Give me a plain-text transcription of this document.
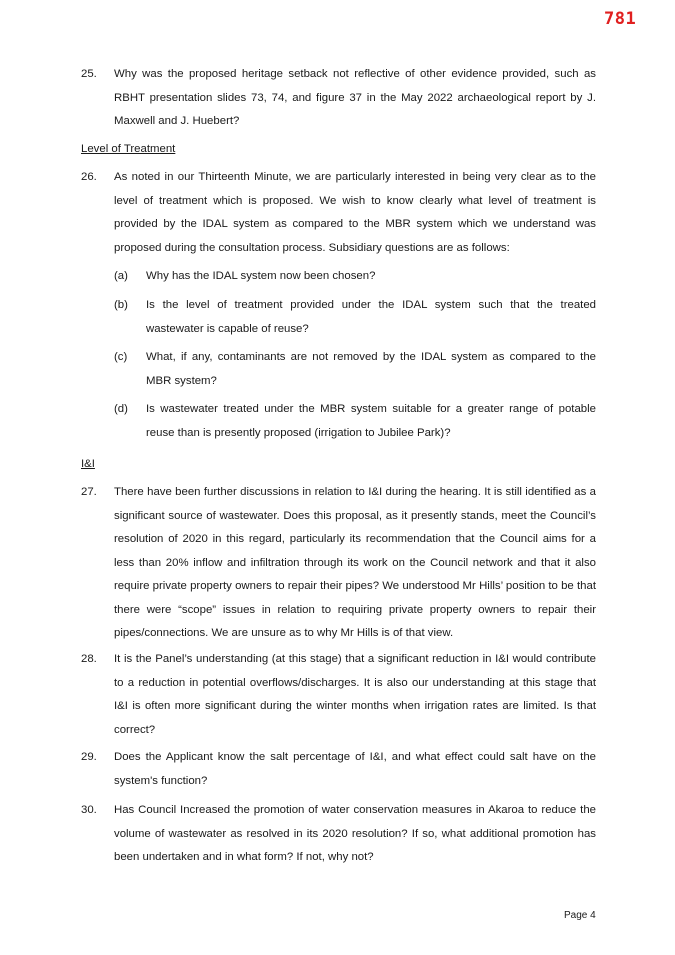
781
25. Why was the proposed heritage setback not reflective of other evidence provided, such as RBHT presentation slides 73, 74, and figure 37 in the May 2022 archaeological report by J. Maxwell and J. Huebert?
Level of Treatment
26. As noted in our Thirteenth Minute, we are particularly interested in being very clear as to the level of treatment which is proposed. We wish to know clearly what level of treatment is provided by the IDAL system as compared to the MBR system which we understand was proposed during the consultation process. Subsidiary questions are as follows:
(a) Why has the IDAL system now been chosen?
(b) Is the level of treatment provided under the IDAL system such that the treated wastewater is capable of reuse?
(c) What, if any, contaminants are not removed by the IDAL system as compared to the MBR system?
(d) Is wastewater treated under the MBR system suitable for a greater range of potable reuse than is presently proposed (irrigation to Jubilee Park)?
I&I
27. There have been further discussions in relation to I&I during the hearing. It is still identified as a significant source of wastewater. Does this proposal, as it presently stands, meet the Council’s resolution of 2020 in this regard, particularly its recommendation that the Council aims for a less than 20% inflow and infiltration through its work on the Council network and that it also require private property owners to repair their pipes? We understood Mr Hills’ position to be that there were “scope” issues in relation to requiring private property owners to repair their pipes/connections. We are unsure as to why Mr Hills is of that view.
28. It is the Panel’s understanding (at this stage) that a significant reduction in I&I would contribute to a reduction in potential overflows/discharges. It is also our understanding at this stage that I&I is often more significant during the winter months when irrigation rates are limited. Is that correct?
29. Does the Applicant know the salt percentage of I&I, and what effect could salt have on the system's function?
30. Has Council Increased the promotion of water conservation measures in Akaroa to reduce the volume of wastewater as resolved in its 2020 resolution? If so, what additional promotion has been undertaken and in what form? If not, why not?
Page 4
